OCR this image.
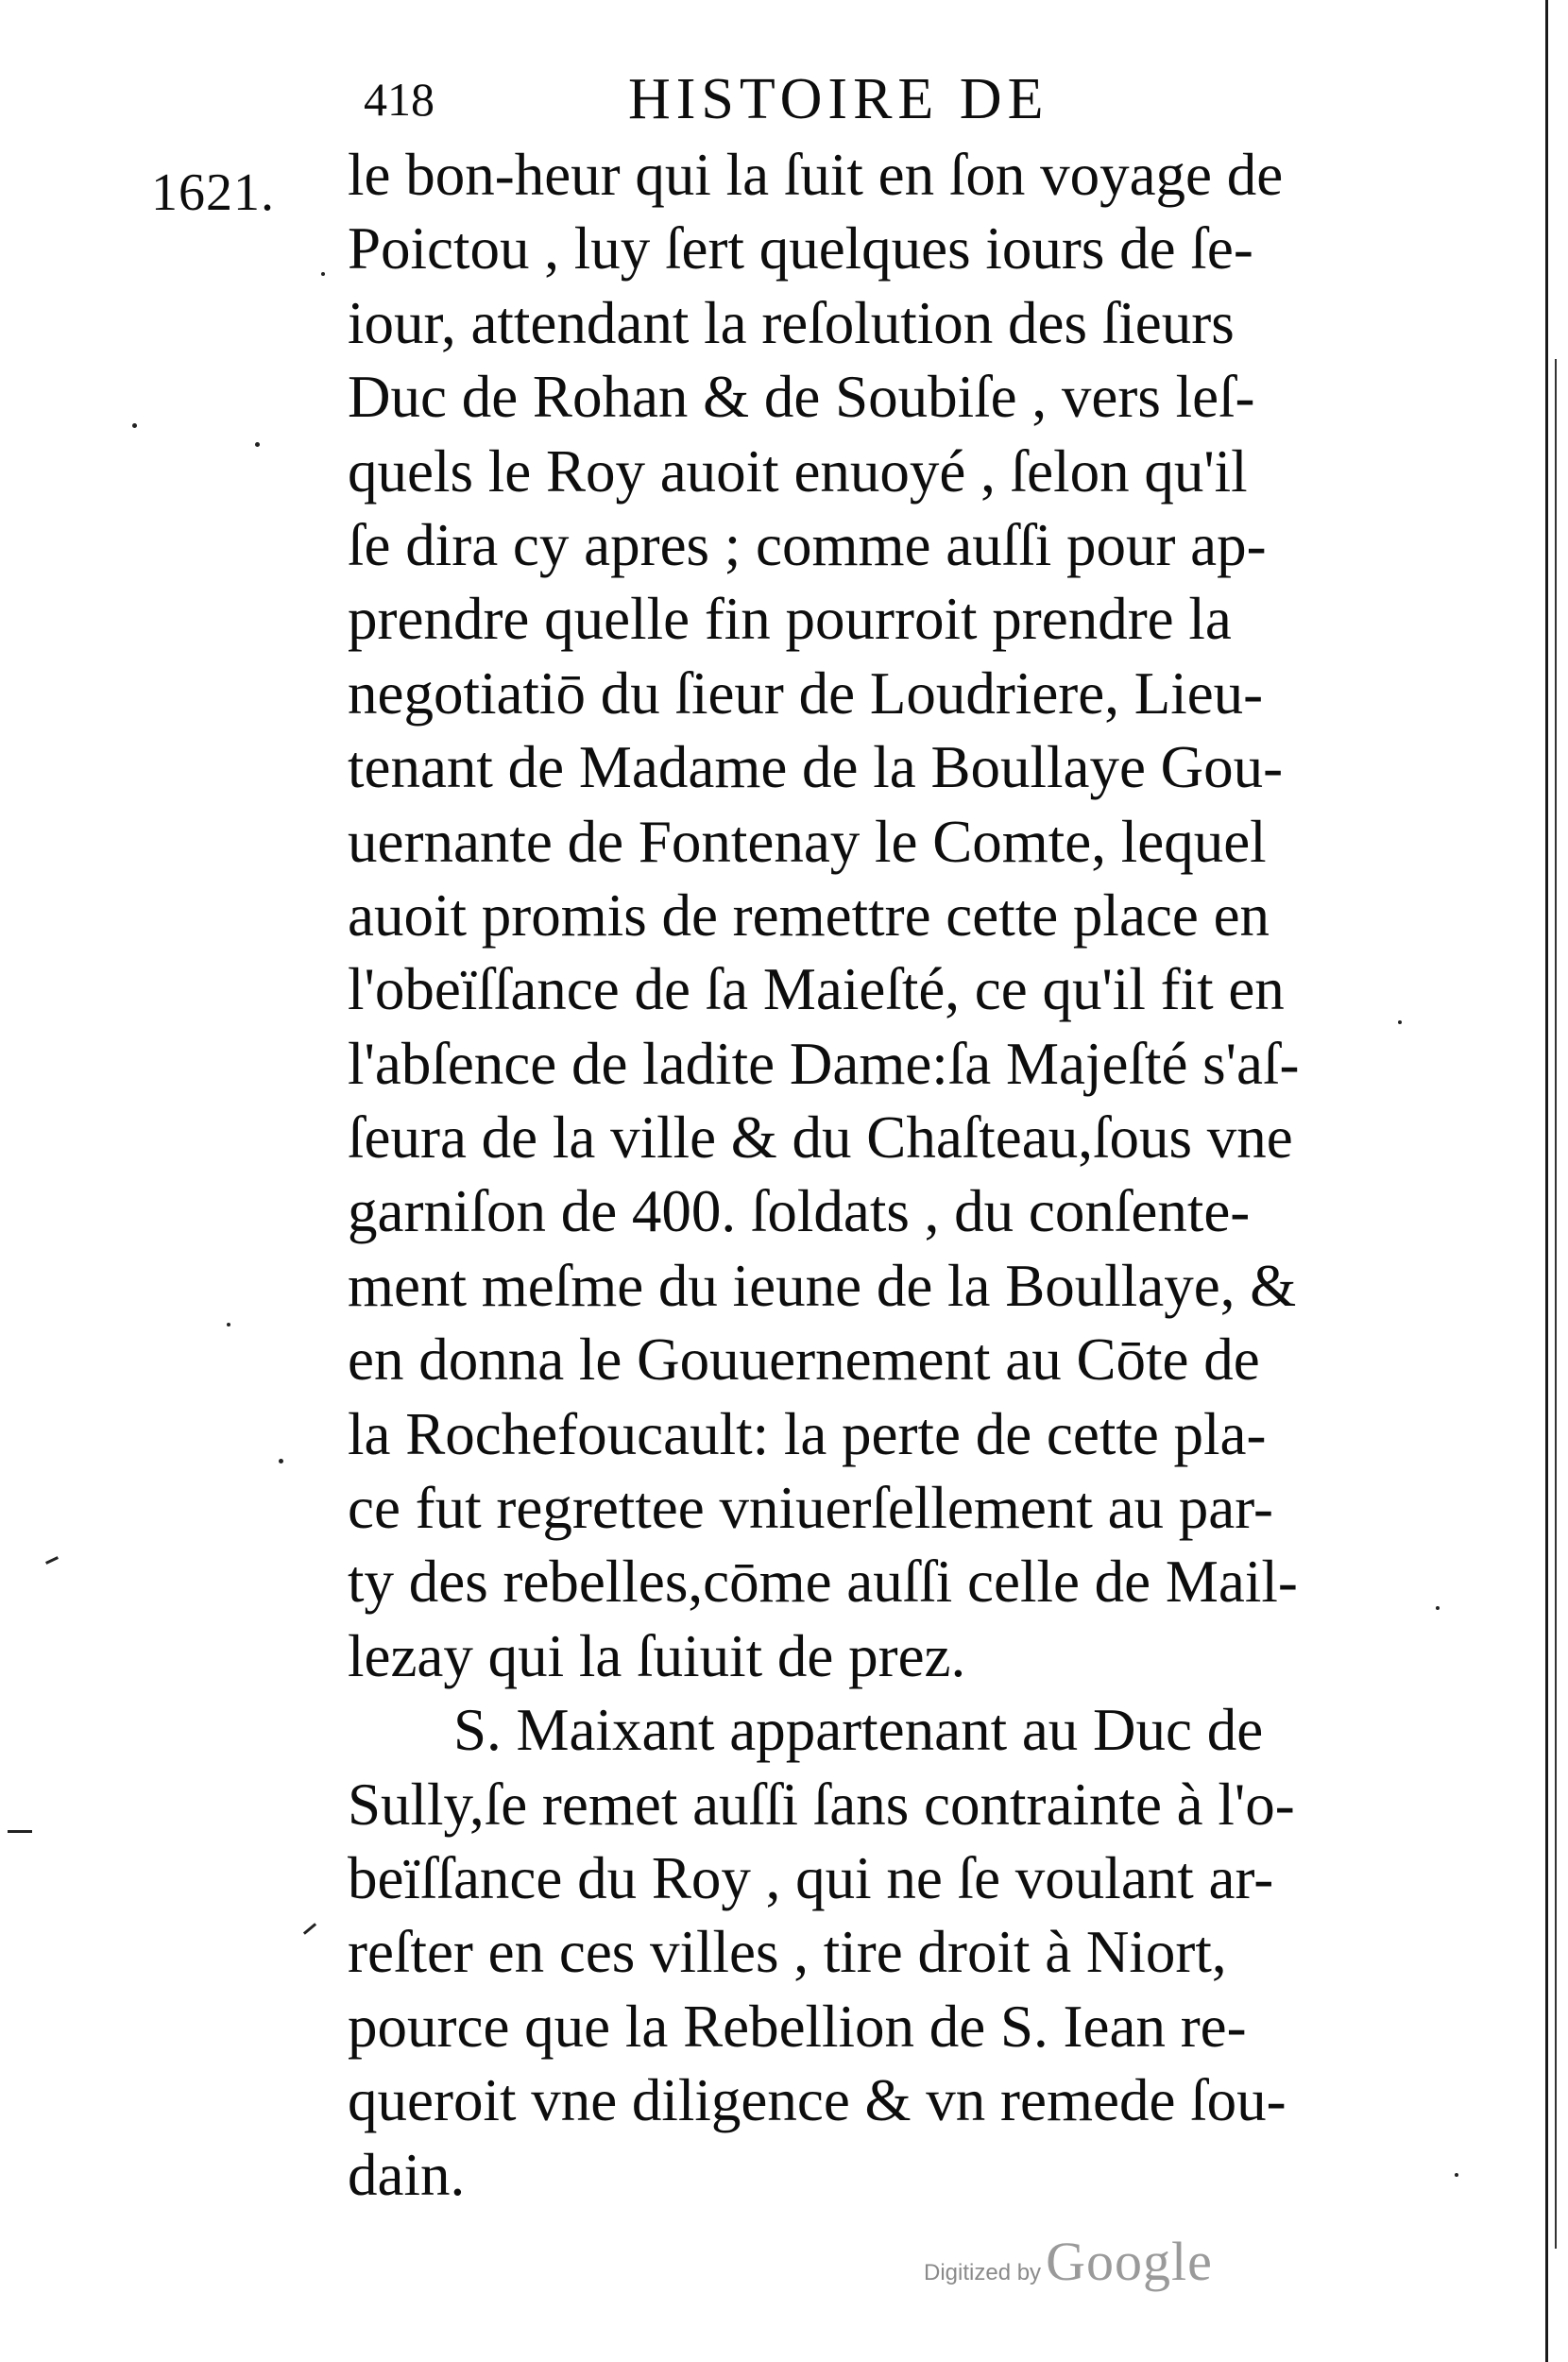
418	HISTOIRE DE
1621. le bon-heur qui la ſuit en ſon voyage de
Poictou , luy ſert quelques iours de ſe-
iour, attendant la reſolution des ſieurs
Duc de Rohan & de Soubiſe , vers leſ-
quels le Roy auoit enuoyé , ſelon qu'il
ſe dira cy apres ; comme auſſi pour ap-
prendre quelle fin pourroit prendre la
negotiatiō du ſieur de Loudriere, Lieu-
tenant de Madame de la Boullaye Gou-
uernante de Fontenay le Comte, lequel
auoit promis de remettre cette place en
l'obeïſſance de ſa Maieſté, ce qu'il fit en
l'abſence de ladite Dame:ſa Majeſté s'aſ-
ſeura de la ville & du Chaſteau,ſous vne
garniſon de 400. ſoldats , du conſente-
ment meſme du ieune de la Boullaye, &
en donna le Gouuernement au Cōte de
la Rochefoucault: la perte de cette pla-
ce fut regrettee vniuerſellement au par-
ty des rebelles,cōme auſſi celle de Mail-
lezay qui la ſuiuit de prez.
S. Maixant appartenant au Duc de
Sully,ſe remet auſſi ſans contrainte à l'o-
beïſſance du Roy , qui ne ſe voulant ar-
reſter en ces villes , tire droit à Niort,
pource que la Rebellion de S. Iean re-
queroit vne diligence & vn remede ſou-
dain.
Digitized by Google
